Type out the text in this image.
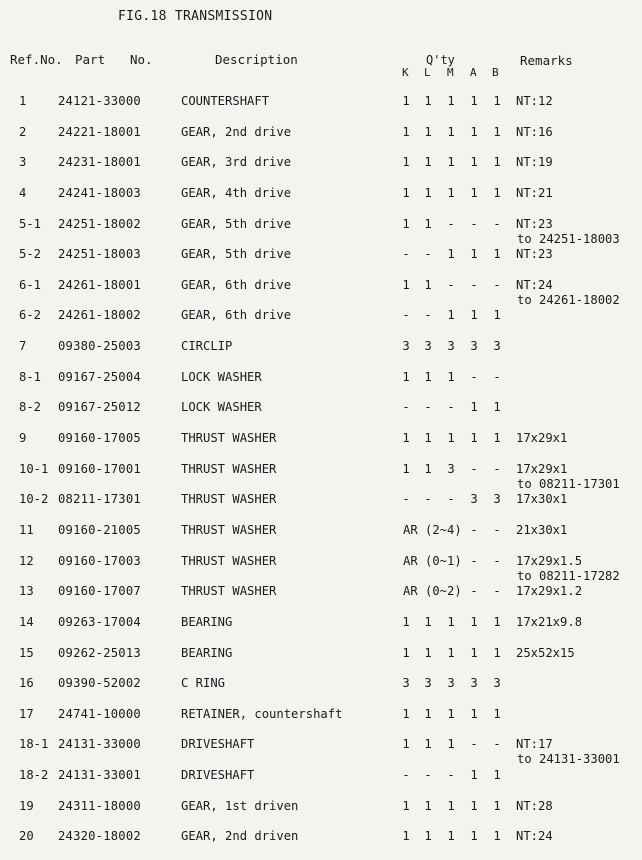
FIG.18 TRANSMISSION
Ref.No. Part No.	Description	Q'ty
K L M A B
Remarks
1	24121-33000	COUNTERSHAFT	1 1 1 1 1 NT:12
2	24221-18001	GEAR, 2nd drive	1 1 1 1 1 NT:16
3	24231-18001	GEAR, 3rd drive	1 1 1 1 1 NT:19
4	24241-18003	GEAR, 4th drive	1 1 1 1 1 NT:21
5-1 24251-18002	GEAR, 5th drive	1 1 - - - NT:23
to 24251-18003
5-2 24251-18003	GEAR, 5th drive	- - 1 1 1 NT:23
6-1 24261-18001	GEAR, 6th drive	1 1 - - - NT:24
to 24261-18002
6-2 24261-18002	GEAR, 6th drive	- - 1 1 1
7	09380-25003	CIRCLIP	3 3 3 3 3
8-1 09167-25004	LOCK WASHER	1 1 1 - -
8-2 09167-25012	LOCK WASHER	- - - 1 1
9	09160-17005	THRUST WASHER	1 1 1 1 1 17x29x1
10-1 09160-17001	THRUST WASHER	1 1 3 - - 17x29x1
to 08211-17301
10-2 08211-17301	THRUST WASHER	- - - 3 3 17x30x1
11 09160-21005	THRUST WASHER	AR (2~4) - - 21x30x1
12 09160-17003	THRUST WASHER	AR (0~1) - - 17x29x1.5
to 08211-17282
13 09160-17007	THRUST WASHER	AR (0~2) - - 17x29x1.2
14 09263-17004	BEARING	1 1 1 1 1 17x21x9.8
15 09262-25013	BEARING	1 1 1 1 1 25x52x15
16 09390-52002	C RING	3 3 3 3 3
17 24741-10000	RETAINER, countershaft	1 1 1 1 1
18-1 24131-33000	DRIVESHAFT	1 1 1 - - NT:17
to 24131-33001
18-2 24131-33001	DRIVESHAFT	- - - 1 1
19 24311-18000	GEAR, 1st driven	1 1 1 1 1 NT:28
20 24320-18002	GEAR, 2nd driven	1 1 1 1 1 NT:24
